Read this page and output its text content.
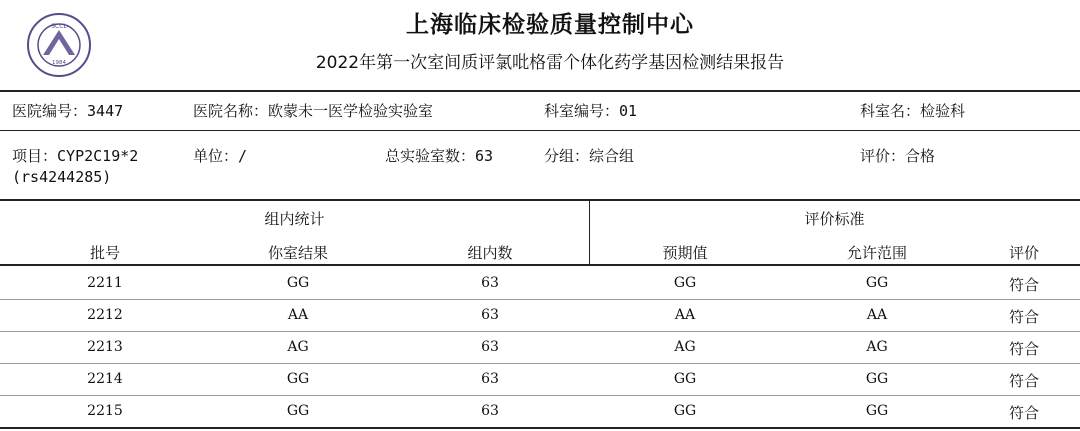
SCCL
1984
上海临床检验质量控制中心
2022年第一次室间质评氯吡格雷个体化药学基因检测结果报告
医院编号：3447	医院名称：欧蒙未一医学检验实验室	科室编号：01	科室名：检验科
项目：CYP2C19*2
(rs4244285)
单位：/	总实验室数：63	分组：综合组	评价：合格
组内统计	评价标准
批号	你室结果	组内数	预期值	允许范围	评价
2211	GG	63	GG	GG	符合
2212	AA	63	AA	AA	符合
2213	AG	63	AG	AG	符合
2214	GG	63	GG	GG	符合
2215	GG	63	GG	GG	符合
